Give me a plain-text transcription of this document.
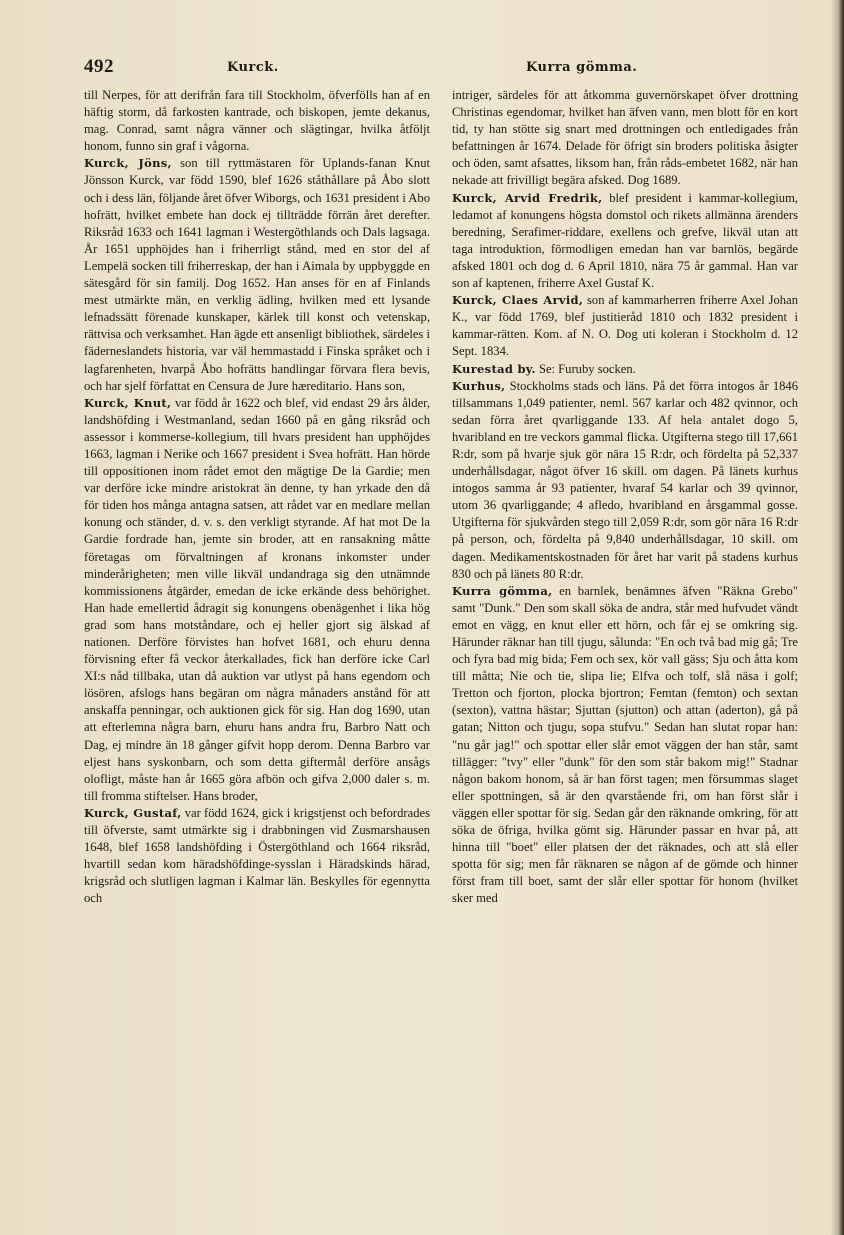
492	Kurck.	Kurra gömma.

till Nerpes, för att derifrån fara till Stockholm, öfverfölls han af en häftig storm, då farkosten kantrade, och biskopen, jemte dekanus, mag. Conrad, samt några vänner och slägtingar, hvilka åtföljt honom, funno sin graf i vågorna.

Kurck, Jöns, son till ryttmästaren för Uplands-fanan Knut Jönsson Kurck, var född 1590, blef 1626 ståthållare på Åbo slott och i dess län, följande året öfver Wiborgs, och 1631 president i Abo hofrätt, hvilket embete han dock ej tillträdde förrän året derefter. Riksråd 1633 och 1641 lagman i Westergöthlands och Dals lagsaga. År 1651 upphöjdes han i friherrligt stånd, med en stor del af Lempelä socken till friherreskap, der han i Aimala by uppbyggde en sätesgård för sin familj. Dog 1652. Han anses för en af Finlands mest utmärkte män, en verklig ädling, hvilken med ett lysande lefnadssätt förenade kunskaper, kärlek till konst och vetenskap, rättvisa och verksamhet. Han ägde ett ansenligt bibliothek, särdeles i fäderneslandets historia, var väl hemmastadd i Finska språket och i lagfarenheten, hvarpå Åbo hofrätts handlingar förvara flera bevis, och har sjelf författat en Censura de Jure hæreditario. Hans son,

Kurck, Knut, var född år 1622 och blef, vid endast 29 års ålder, landshöfding i Westmanland, sedan 1660 på en gång riksråd och assessor i kommerse-kollegium, till hvars president han upphöjdes 1663, lagman i Nerike och 1667 president i Svea hofrätt. Han hörde till oppositionen inom rådet emot den mägtige De la Gardie; men var derföre icke mindre aristokrat än denne, ty han yrkade den då för tiden hos många antagna satsen, att rådet var en medlare mellan konung och ständer, d. v. s. den verkligt styrande. Af hat mot De la Gardie fordrade han, jemte sin broder, att en ransakning måtte företagas om förvaltningen af kronans inkomster under minderårigheten; men ville likväl undandraga sig den utnämnde kommissionens åtgärder, emedan de icke erkände dess behörighet. Han hade emellertid ådragit sig konungens obenägenhet i lika hög grad som hans motståndare, och ej heller gjort sig älskad af nationen. Derföre förvistes han hofvet 1681, och ehuru denna förvisning efter få veckor återkallades, fick han derföre icke Carl XI:s nåd tillbaka, utan då auktion var utlyst på hans egendom och lösören, afslogs hans begäran om några månaders anstånd för att anskaffa penningar, och auktionen gick för sig. Han dog 1690, utan att efterlemna några barn, ehuru hans andra fru, Barbro Natt och Dag, ej mindre än 18 gånger gifvit hopp derom. Denna Barbro var eljest hans syskonbarn, och som detta giftermål derföre ansågs olofligt, måste han år 1665 göra afbön och gifva 2,000 daler s. m. till fromma stiftelser. Hans broder,

Kurck, Gustaf, var född 1624, gick i krigstjenst och befordrades till öfverste, samt utmärkte sig i drabbningen vid Zusmarshausen 1648, blef 1658 landshöfding i Östergöthland och 1664 riksråd, hvartill sedan kom häradshöfdinge-sysslan i Häradskinds härad, krigsråd och slutligen lagman i Kalmar län. Beskylles för egennytta och

intriger, särdeles för att åtkomma guvernörskapet öfver drottning Christinas egendomar, hvilket han äfven vann, men blott för en kort tid, ty han stötte sig snart med drottningen och entledigades från befattningen år 1674. Delade för öfrigt sin broders politiska åsigter och öden, samt afsattes, liksom han, från råds-embetet 1682, när han nekade att frivilligt begära afsked. Dog 1689.

Kurck, Arvid Fredrik, blef president i kammar-kollegium, ledamot af konungens högsta domstol och rikets allmänna ärenders beredning, Serafimer-riddare, exellens och grefve, likväl utan att taga introduktion, förmodligen emedan han var barnlös, begärde afsked 1801 och dog d. 6 April 1810, nära 75 år gammal. Han var son af kaptenen, friherre Axel Gustaf K.

Kurck, Claes Arvid, son af kammarherren friherre Axel Johan K., var född 1769, blef justitieråd 1810 och 1832 president i kammar-rätten. Kom. af N. O. Dog uti koleran i Stockholm d. 12 Sept. 1834.

Kurestad by. Se: Furuby socken.

Kurhus, Stockholms stads och läns. På det förra intogos år 1846 tillsammans 1,049 patienter, neml. 567 karlar och 482 qvinnor, och sedan förra året qvarliggande 133. Af hela antalet dogo 5, hvaribland en tre veckors gammal flicka. Utgifterna stego till 17,661 R:dr, som på hvarje sjuk gör nära 15 R:dr, och fördelta på 52,337 underhållsdagar, något öfver 16 skill. om dagen. På länets kurhus intogos samma år 93 patienter, hvaraf 54 karlar och 39 qvinnor, utom 36 qvarliggande; 4 afledo, hvaribland en årsgammal gosse. Utgifterna för sjukvården stego till 2,059 R:dr, som gör nära 16 R:dr på person, och, fördelta på 9,840 underhållsdagar, 10 skill. om dagen. Medikamentskostnaden för året har varit på stadens kurhus 830 och på länets 80 R:dr.

Kurra gömma, en barnlek, benämnes äfven "Räkna Grebo" samt "Dunk." Den som skall söka de andra, står med hufvudet vändt emot en vägg, en knut eller ett hörn, och får ej se omkring sig. Härunder räknar han till tjugu, sålunda: "En och två bad mig gå; Tre och fyra bad mig bida; Fem och sex, kör vall gäss; Sju och åtta kom till måtta; Nie och tie, slipa lie; Elfva och tolf, slå näsa i golf; Tretton och fjorton, plocka bjortron; Femtan (femton) och sextan (sexton), vattna hästar; Sjuttan (sjutton) och attan (aderton), gå på gatan; Nitton och tjugu, sopa stufvu." Sedan han slutat ropar han: "nu går jag!" och spottar eller slår emot väggen der han står, samt tillägger: "tvy" eller "dunk" för den som står bakom mig!" Stadnar någon bakom honom, så är han först tagen; men försummas slaget eller spottningen, så är den qvarstående fri, om han först slår i väggen eller spottar för sig. Sedan går den räknande omkring, för att söka de öfriga, hvilka gömt sig. Härunder passar en hvar på, att hinna till "boet" eller platsen der det räknades, och att slå eller spotta för sig; men får räknaren se någon af de gömde och hinner först fram till boet, samt der slår eller spottar för honom (hvilket sker med
